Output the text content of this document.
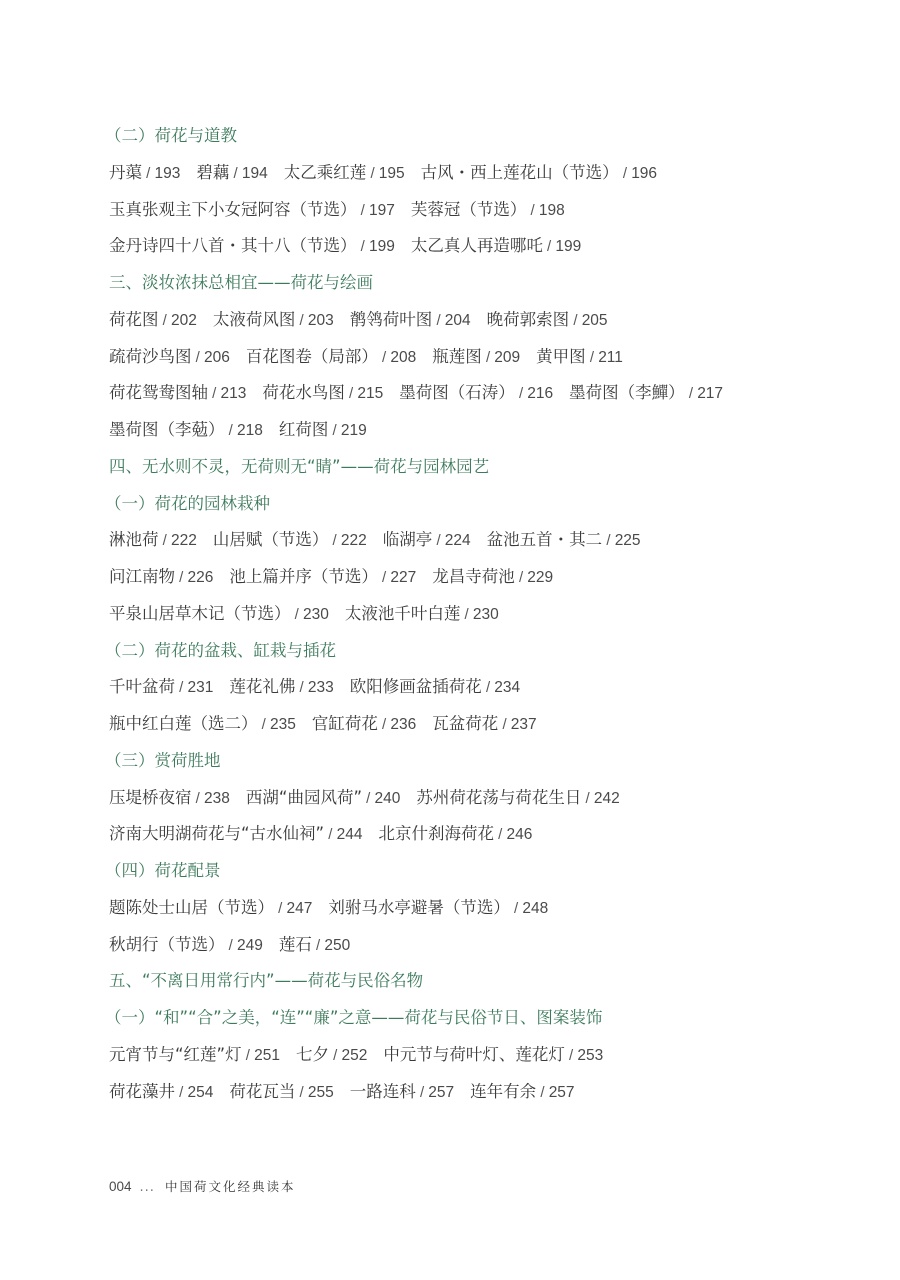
（二）荷花与道教
丹蕖 / 193 碧藕 / 194 太乙乘红莲 / 195 古风・西上莲花山（节选） / 196
玉真张观主下小女冠阿容（节选） / 197 芙蓉冠（节选） / 198
金丹诗四十八首・其十八（节选） / 199 太乙真人再造哪吒 / 199
三、淡妆浓抹总相宜——荷花与绘画
荷花图 / 202 太液荷风图 / 203 鹡鸰荷叶图 / 204 晚荷郭索图 / 205
疏荷沙鸟图 / 206 百花图卷（局部） / 208 瓶莲图 / 209 黄甲图 / 211
荷花鸳鸯图轴 / 213 荷花水鸟图 / 215 墨荷图（石涛） / 216 墨荷图（李鱓） / 217
墨荷图（李葂） / 218 红荷图 / 219
四、无水则不灵，无荷则无“睛”——荷花与园林园艺
（一）荷花的园林栽种
淋池荷 / 222 山居赋（节选） / 222 临湖亭 / 224 盆池五首・其二 / 225
问江南物 / 226 池上篇并序（节选） / 227 龙昌寺荷池 / 229
平泉山居草木记（节选） / 230 太液池千叶白莲 / 230
（二）荷花的盆栽、缸栽与插花
千叶盆荷 / 231 莲花礼佛 / 233 欧阳修画盆插荷花 / 234
瓶中红白莲（选二） / 235 官缸荷花 / 236 瓦盆荷花 / 237
（三）赏荷胜地
压堤桥夜宿 / 238 西湖“曲园风荷” / 240 苏州荷花荡与荷花生日 / 242
济南大明湖荷花与“古水仙祠” / 244 北京什刹海荷花 / 246
（四）荷花配景
题陈处士山居（节选） / 247 刘驸马水亭避暑（节选） / 248
秋胡行（节选） / 249 莲石 / 250
五、“不离日用常行内”——荷花与民俗名物
（一）“和”“合”之美，“连”“廉”之意——荷花与民俗节日、图案装饰
元宵节与“红莲”灯 / 251 七夕 / 252 中元节与荷叶灯、莲花灯 / 253
荷花藻井 / 254 荷花瓦当 / 255 一路连科 / 257 连年有余 / 257
004 ... 中国荷文化经典读本
